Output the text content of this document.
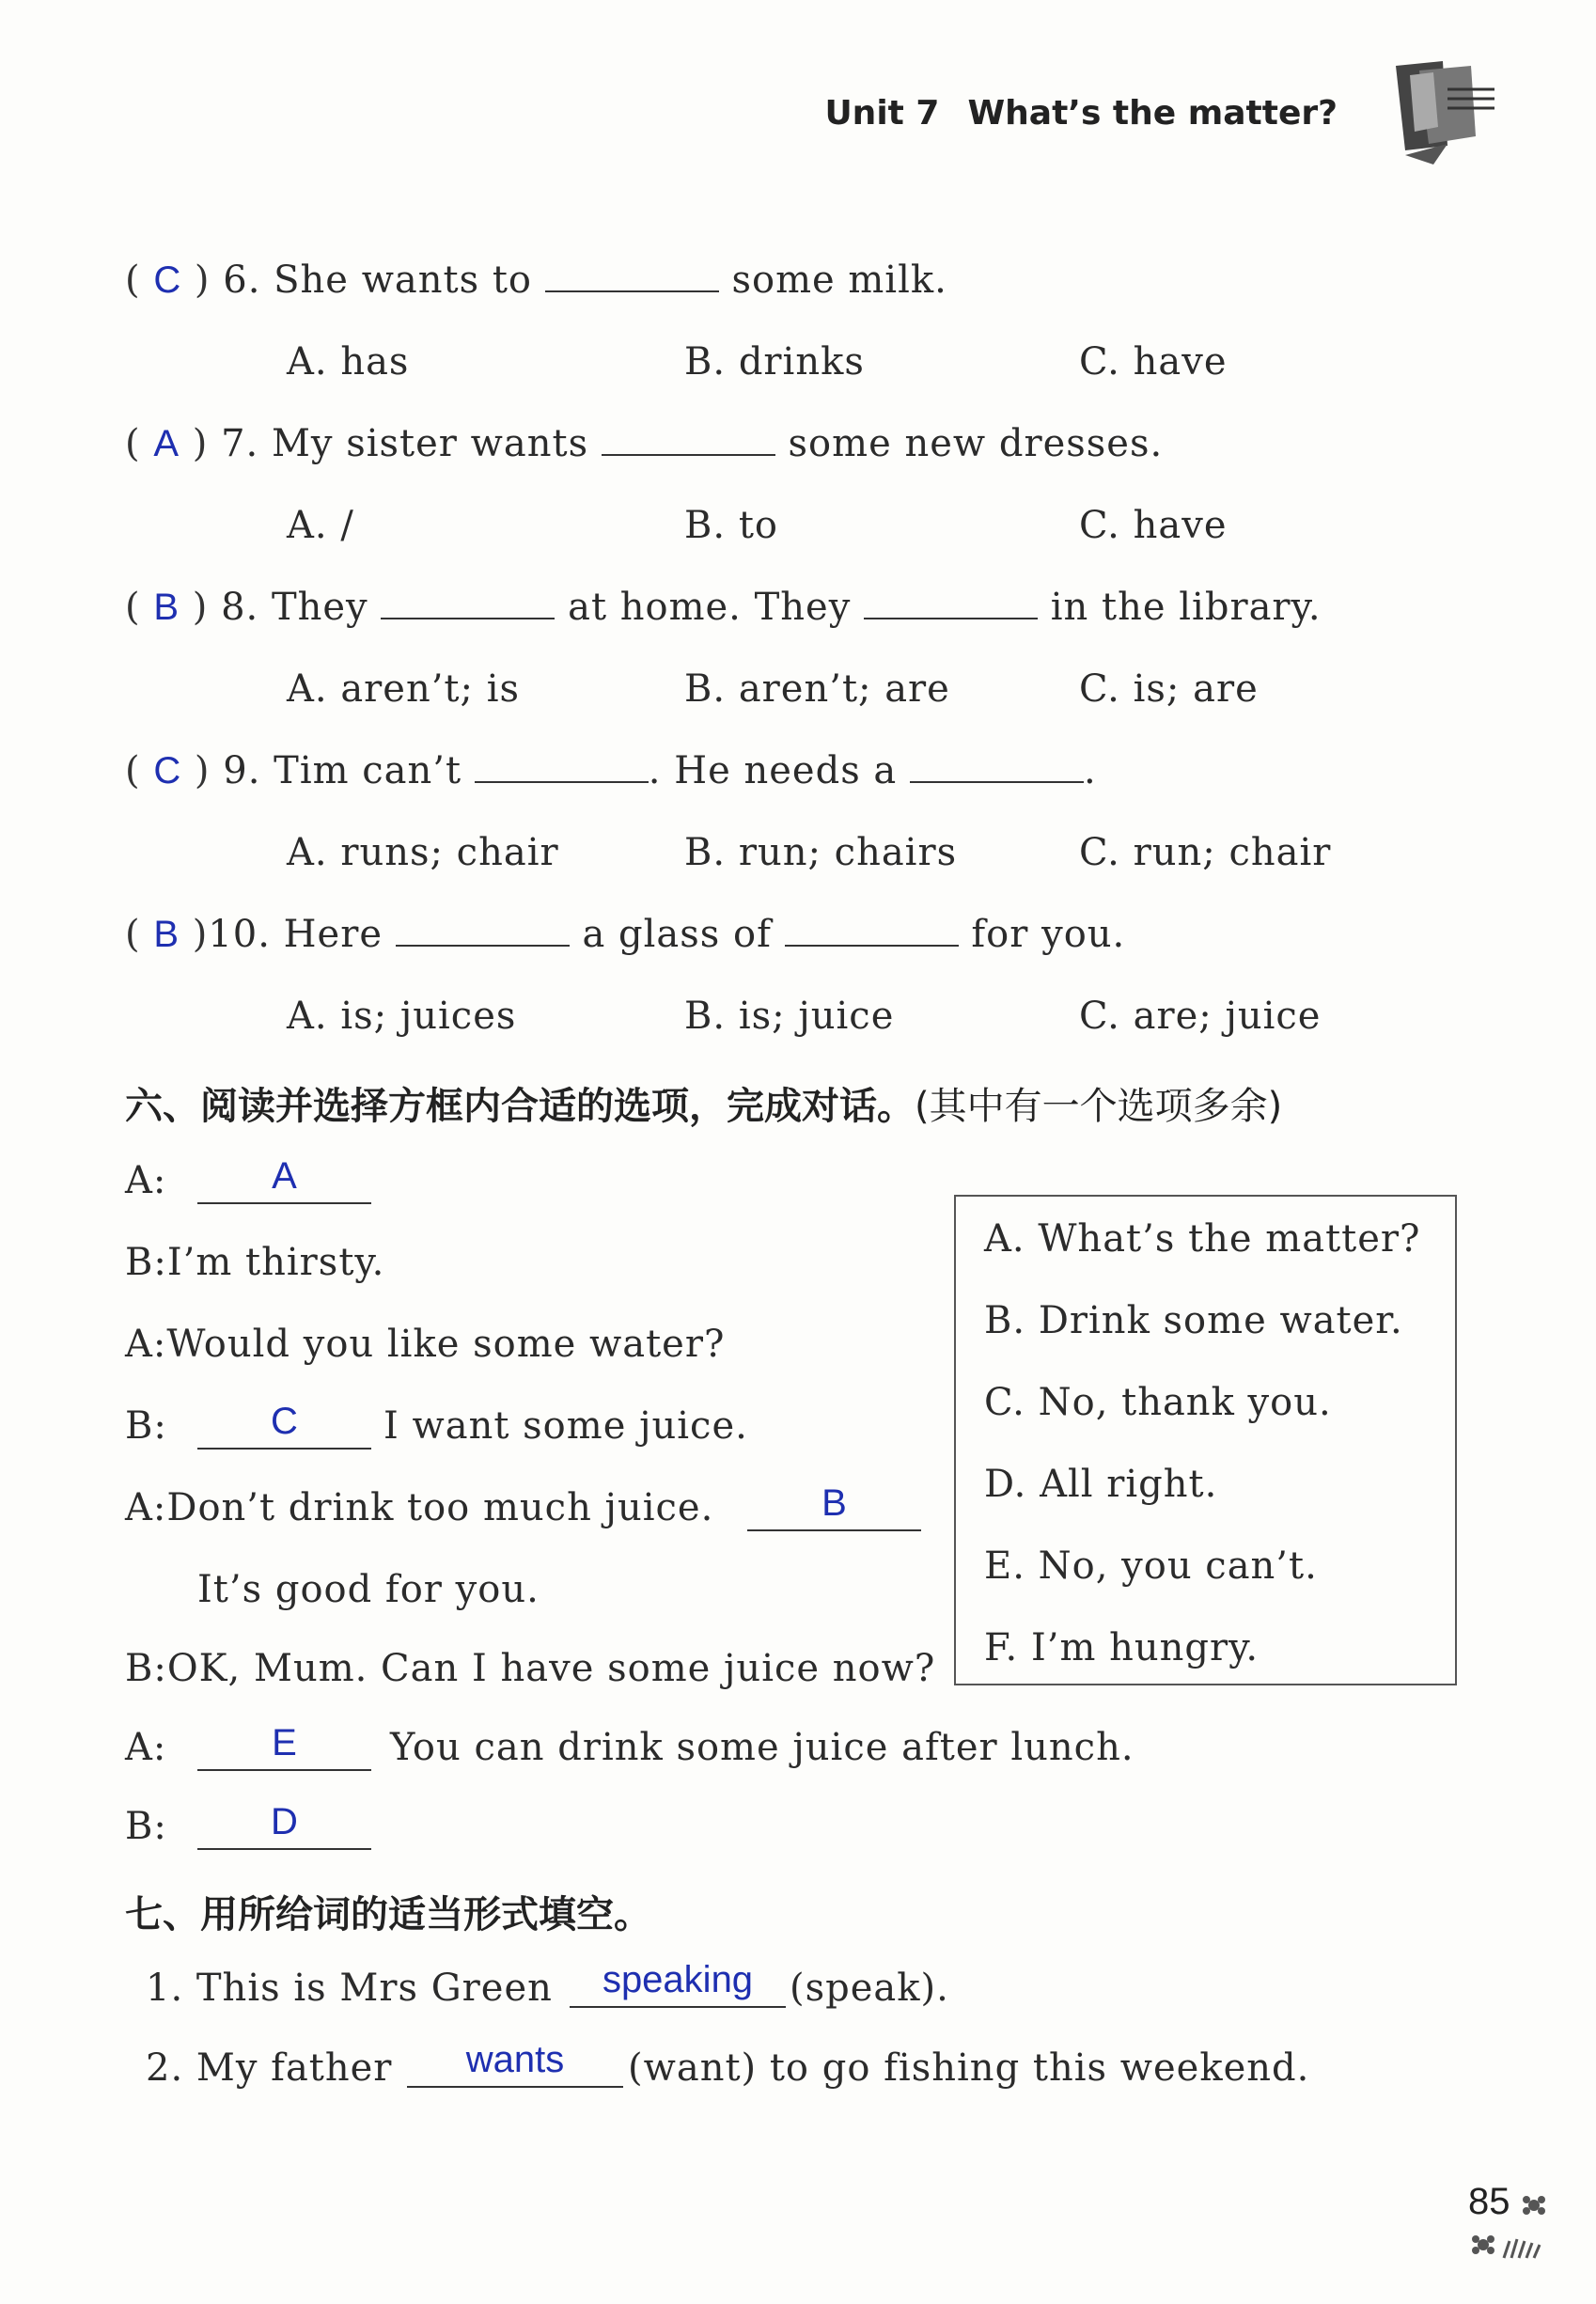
Unit 7 What’s the matter?
( C ) 6. She wants to	some milk.
A. has	B. drinks	C. have
( A ) 7. My sister wants	some new dresses.
A. /	B. to	C. have
( B ) 8. They	at home. They	in the library.
A. aren’t; is	B. aren’t; are	C. is; are
( C ) 9. Tim can’t	. He needs a	.
A. runs; chair	B. run; chairs	C. run; chair
( B )10. Here	a glass of	for you.
A. is; juices	B. is; juice	C. are; juice
六、阅读并选择方框内合适的选项，完成对话。(其中有一个选项多余)
A:	A
B:I’m thirsty.
A:Would you like some water?
B:	C	I want some juice.
A:Don’t drink too much juice.	B
It’s good for you.
B:OK, Mum. Can I have some juice now?
A:	E	You can drink some juice after lunch.
B:	D
A. What’s the matter?
B. Drink some water.
C. No, thank you.
D. All right.
E. No, you can’t.
F. I’m hungry.
七、用所给词的适当形式填空。
1. This is Mrs Green	speaking (speak).
2. My father	wants	(want) to go fishing this weekend.
85
